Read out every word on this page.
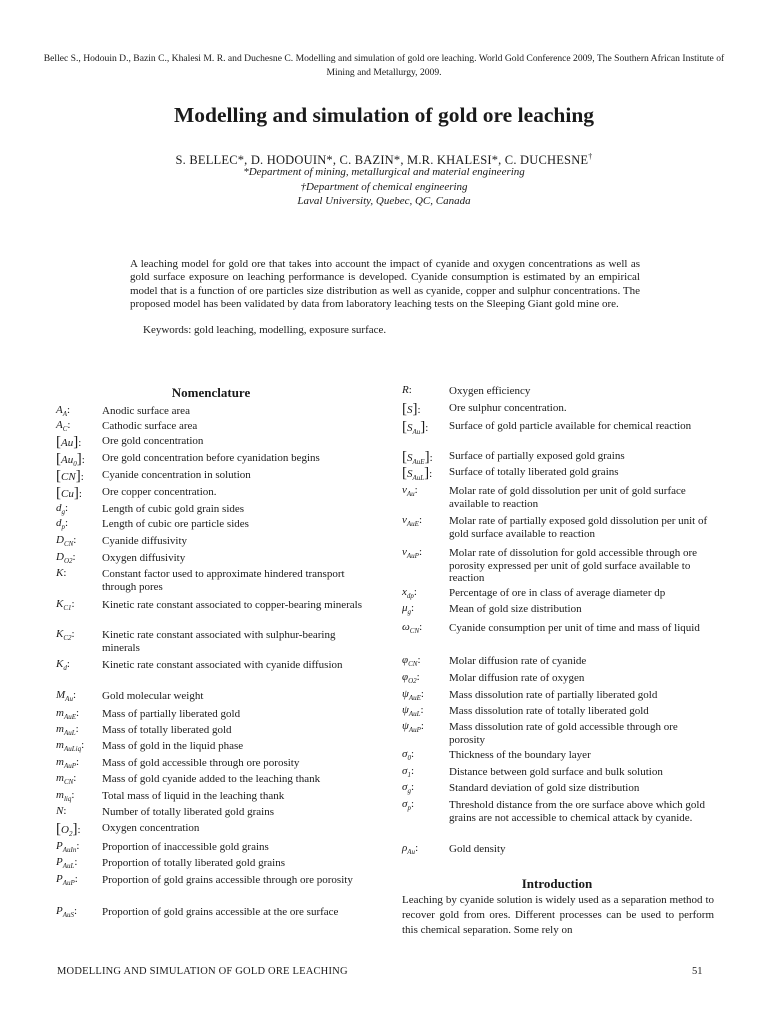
Bellec S., Hodouin D., Bazin C., Khalesi M. R. and Duchesne C. Modelling and simulation of gold ore leaching. World Gold Conference 2009, The Southern African Institute of Mining and Metallurgy, 2009.
Modelling and simulation of gold ore leaching
S. BELLEC*, D. HODOUIN*, C. BAZIN*, M.R. KHALESI*, C. DUCHESNE†
*Department of mining, metallurgical and material engineering
†Department of chemical engineering
Laval University, Quebec, QC, Canada
A leaching model for gold ore that takes into account the impact of cyanide and oxygen concentrations as well as gold surface exposure on leaching performance is developed. Cyanide consumption is estimated by an empirical model that is a function of ore particles size distribution as well as cyanide, copper and sulphur concentrations. The proposed model has been validated by data from laboratory leaching tests on the Sleeping Giant gold mine ore.
Keywords: gold leaching, modelling, exposure surface.
Nomenclature
$A_A$:	Anodic surface area
$A_C$:	Cathodic surface area
[Au]: Ore gold concentration
$[Au_0]$: Ore gold concentration before cyanidation begins
[CN]: Cyanide concentration in solution
[Cu]: Ore copper concentration.
$d_g$:	Length of cubic gold grain sides
$d_p$:	Length of cubic ore particle sides
$D_{CN}$: Cyanide diffusivity
$D_{O2}$: Oxygen diffusivity
K:	Constant factor used to approximate hindered transport through pores
$K_{C1}$: Kinetic rate constant associated to copper-bearing minerals
$K_{C2}$: Kinetic rate constant associated with sulphur-bearing minerals
$K_d$:	Kinetic rate constant associated with cyanide diffusion
$M_{Au}$: Gold molecular weight
$m_{AuE}$: Mass of partially liberated gold
$m_{AuL}$: Mass of totally liberated gold
$m_{AuLiq}$: Mass of gold in the liquid phase
$m_{AuP}$: Mass of gold accessible through ore porosity
$m_{CN}$: Mass of gold cyanide added to the leaching thank
$m_{liq}$:	Total mass of liquid in the leaching thank
N:	Number of totally liberated gold grains
$[O_2]$: Oxygen concentration
$P_{AuIn}$: Proportion of inaccessible gold grains
$P_{AuL}$: Proportion of totally liberated gold grains
$P_{AuP}$: Proportion of gold grains accessible through ore porosity
$P_{AuS}$: Proportion of gold grains accessible at the ore surface
R:	Oxygen efficiency
[S]:	Ore sulphur concentration.
$[S_{Au}]$: Surface of gold particle available for chemical reaction
$[S_{AuE}]$: Surface of partially exposed gold grains
$[S_{AuL}]$: Surface of totally liberated gold grains
$v_{Au}$:	Molar rate of gold dissolution per unit of gold surface available to reaction
$v_{AuE}$: Molar rate of partially exposed gold dissolution per unit of gold surface available to reaction
$v_{AuP}$: Molar rate of dissolution for gold accessible through ore porosity expressed per unit of gold surface available to reaction
$x_{dp}$:	Percentage of ore in class of average diameter dp
$\mu_g$:	Mean of gold size distribution
$\omega_{CN}$: Cyanide consumption per unit of time and mass of liquid
$\varphi_{CN}$:	Molar diffusion rate of cyanide
$\varphi_{O2}$:	Molar diffusion rate of oxygen
$\psi_{AuE}$: Mass dissolution rate of partially liberated gold
$\psi_{AuL}$: Mass dissolution rate of totally liberated gold
$\psi_{AuP}$: Mass dissolution rate of gold accessible through ore porosity
$\sigma_0$:	Thickness of the boundary layer
$\sigma_1$:	Distance between gold surface and bulk solution
$\sigma_g$:	Standard deviation of gold size distribution
$\sigma_p$:	Threshold distance from the ore surface above which gold grains are not accessible to chemical attack by cyanide.
$\rho_{Au}$:	Gold density
Introduction
Leaching by cyanide solution is widely used as a separation method to recover gold from ores. Different processes can be used to perform this chemical separation. Some rely on
MODELLING AND SIMULATION OF GOLD ORE LEACHING	51
